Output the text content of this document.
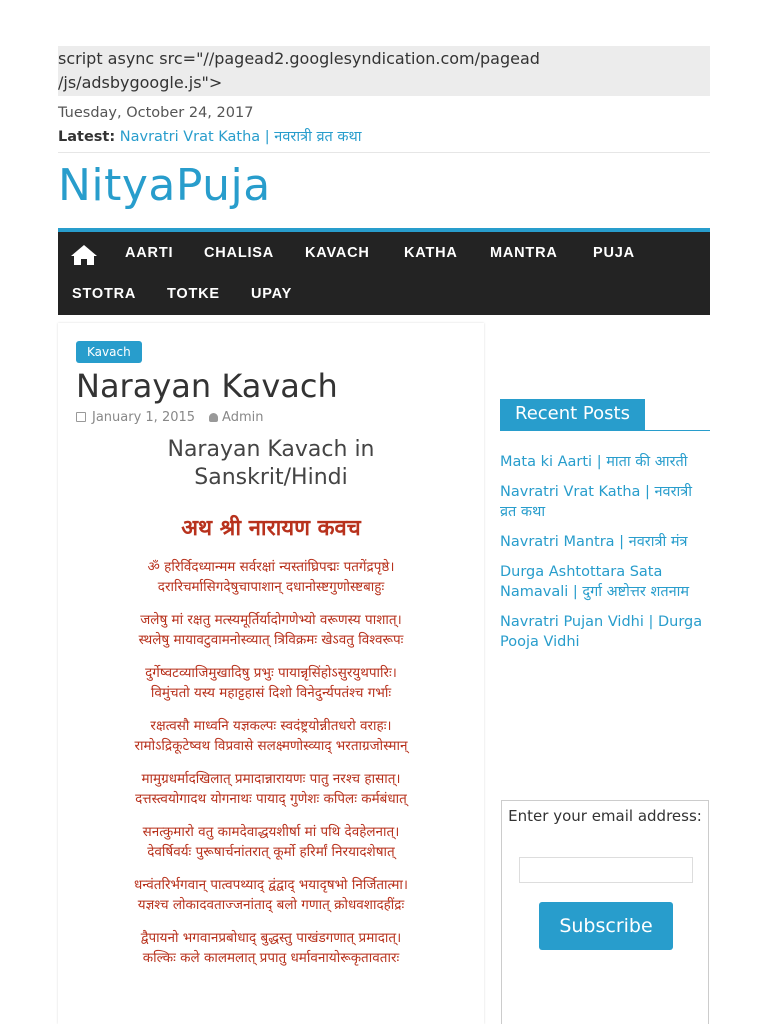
script async src="//pagead2.googlesyndication.com/pagead
/js/adsbygoogle.js">
Tuesday, October 24, 2017
Latest: Navratri Vrat Katha | नवरात्री व्रत कथा
NityaPuja
AARTI CHALISA KAVACH KATHA MANTRA PUJA
STOTRA TOTKE UPAY
Kavach
Narayan Kavach
January 1, 2015 Admin
Narayan Kavach in
Sanskrit/Hindi
अथ श्री नारायण कवच
ॐ हरिर्विदध्यान्मम सर्वरक्षां न्यस्तांघ्रिपद्मः पतगेंद्रपृष्ठे।
दरारिचर्मासिगदेषुचापाशान् दधानोस्ष्टगुणोस्ष्टबाहुः
जलेषु मां रक्षतु मत्स्यमूर्तिर्यादोगणेभ्यो वरूणस्य पाशात्।
स्थलेषु मायावटुवामनोस्व्यात् त्रिविक्रमः खेऽवतु विश्वरूपः
दुर्गेष्वटव्याजिमुखादिषु प्रभुः पायान्नृसिंहोऽसुरयुथपारिः।
विमुंचतो यस्य महाट्टहासं दिशो विनेदुर्न्यपतंश्च गर्भाः
रक्षत्वसौ माध्वनि यज्ञकल्पः स्वदंष्ट्रयोन्नीतधरो वराहः।
रामोऽद्रिकूटेष्वथ विप्रवासे सलक्ष्मणोस्व्याद् भरताग्रजोस्मान्
मामुग्रधर्मादखिलात् प्रमादान्नारायणः पातु नरश्च हासात्।
दत्तस्त्वयोगादथ योगनाथः पायाद् गुणेशः कपिलः कर्मबंधात्
सनत्कुमारो वतु कामदेवाद्धयशीर्षा मां पथि देवहेलनात्।
देवर्षिवर्यः पुरूषार्चनांतरात् कूर्मो हरिर्मां निरयादशेषात्
धन्वंतरिर्भगवान् पात्वपथ्याद् द्वंद्वाद् भयादृषभो निर्जितात्मा।
यज्ञश्च लोकादवताज्जनांताद् बलो गणात् क्रोधवशादहींद्रः
द्वैपायनो भगवानप्रबोधाद् बुद्धस्तु पाखंडगणात् प्रमादात्।
कल्किः कले कालमलात् प्रपातु धर्मावनायोरूकृतावतारः
Recent Posts
Mata ki Aarti | माता की आरती
Navratri Vrat Katha | नवरात्री व्रत कथा
Navratri Mantra | नवरात्री मंत्र
Durga Ashtottara Sata Namavali | दुर्गा अष्टोत्तर शतनाम
Navratri Pujan Vidhi | Durga Pooja Vidhi
Enter your email address:
Subscribe
